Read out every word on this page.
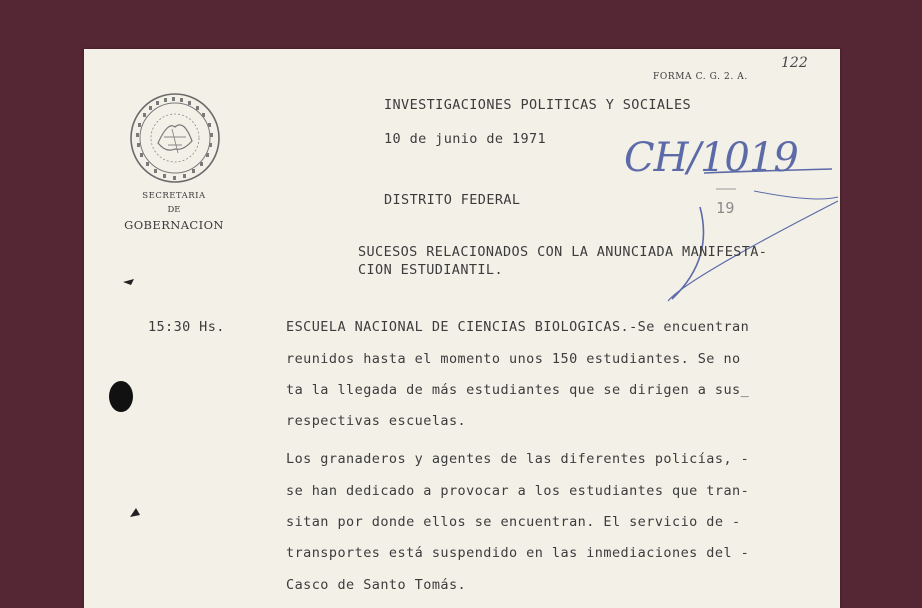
FORMA C. G. 2. A.
122
SECRETARIA
DE
GOBERNACION
INVESTIGACIONES POLITICAS Y SOCIALES
10 de junio de 1971 CH/1019
19
DISTRITO FEDERAL
SUCESOS RELACIONADOS CON LA ANUNCIADA MANIFESTA-
CION ESTUDIANTIL.
15:30 Hs.	ESCUELA NACIONAL DE CIENCIAS BIOLOGICAS.-Se encuentran
reunidos hasta el momento unos 150 estudiantes. Se no
ta la llegada de más estudiantes que se dirigen a sus_
respectivas escuelas.
Los granaderos y agentes de las diferentes policías, -
se han dedicado a provocar a los estudiantes que tran-
sitan por donde ellos se encuentran. El servicio de -
transportes está suspendido en las inmediaciones del -
Casco de Santo Tomás.
